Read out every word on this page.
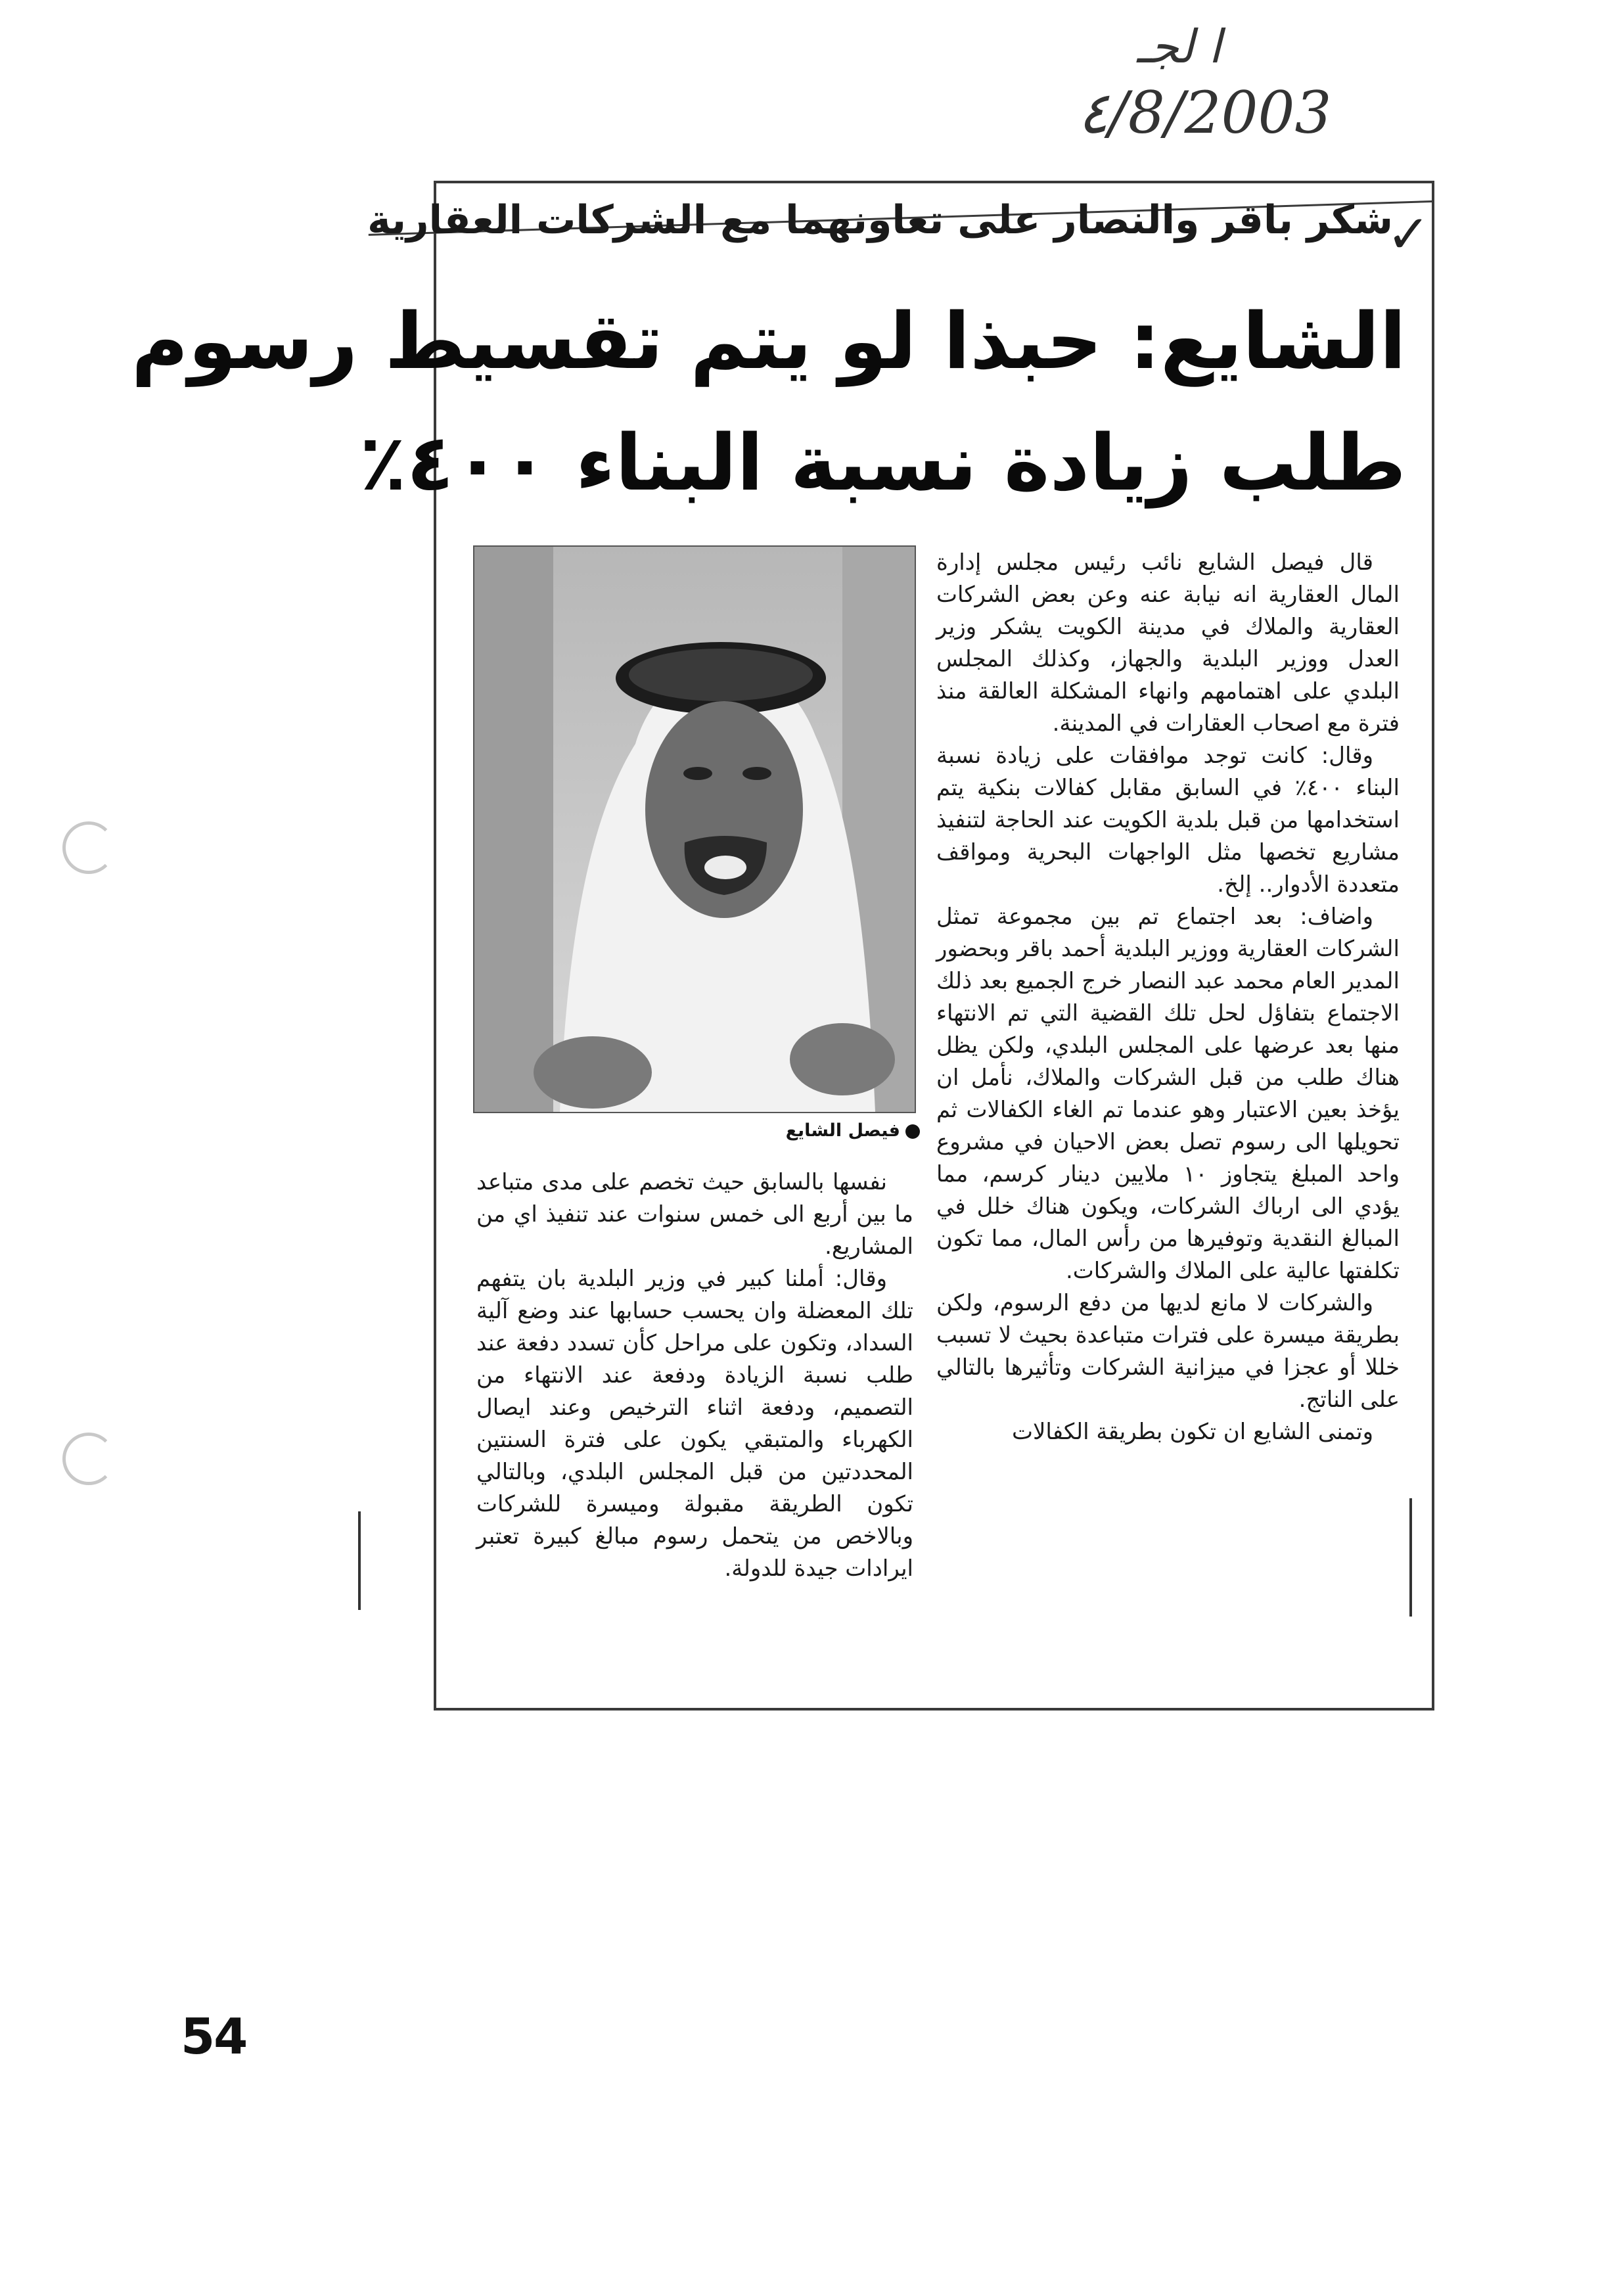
ا لجـ
٤/8/2003
✓
شكر باقر والنصار على تعاونهما مع الشركات العقارية
الشايع: حبذا لو يتم تقسيط رسوم
طلب زيادة نسبة البناء ٤٠٠٪
فيصل الشايع

قال فيصل الشايع نائب رئيس مجلس إدارة المال العقارية انه نيابة عنه وعن بعض الشركات العقارية والملاك في مدينة الكويت يشكر وزير العدل ووزير البلدية والجهاز، وكذلك المجلس البلدي على اهتمامهم وانهاء المشكلة العالقة منذ فترة مع اصحاب العقارات في المدينة.

وقال: كانت توجد موافقات على زيادة نسبة البناء ٤٠٠٪ في السابق مقابل كفالات بنكية يتم استخدامها من قبل بلدية الكويت عند الحاجة لتنفيذ مشاريع تخصها مثل الواجهات البحرية ومواقف متعددة الأدوار.. إلخ.

واضاف: بعد اجتماع تم بين مجموعة تمثل الشركات العقارية ووزير البلدية أحمد باقر وبحضور المدير العام محمد عبد النصار خرج الجميع بعد ذلك الاجتماع بتفاؤل لحل تلك القضية التي تم الانتهاء منها بعد عرضها على المجلس البلدي، ولكن يظل هناك طلب من قبل الشركات والملاك، نأمل ان يؤخذ بعين الاعتبار وهو عندما تم الغاء الكفالات ثم تحويلها الى رسوم تصل بعض الاحيان في مشروع واحد المبلغ يتجاوز ١٠ ملايين دينار كرسم، مما يؤدي الى ارباك الشركات، ويكون هناك خلل في المبالغ النقدية وتوفيرها من رأس المال، مما تكون تكلفتها عالية على الملاك والشركات.

والشركات لا مانع لديها من دفع الرسوم، ولكن بطريقة ميسرة على فترات متباعدة بحيث لا تسبب خللا أو عجزا في ميزانية الشركات وتأثيرها بالتالي على الناتج.

وتمنى الشايع ان تكون بطريقة الكفالات

نفسها بالسابق حيث تخصم على مدى متباعد ما بين أربع الى خمس سنوات عند تنفيذ اي من المشاريع.

وقال: أملنا كبير في وزير البلدية بان يتفهم تلك المعضلة وان يحسب حسابها عند وضع آلية السداد، وتكون على مراحل كأن تسدد دفعة عند طلب نسبة الزيادة ودفعة عند الانتهاء من التصميم، ودفعة اثناء الترخيص وعند ايصال الكهرباء والمتبقي يكون على فترة السنتين المحددتين من قبل المجلس البلدي، وبالتالي تكون الطريقة مقبولة وميسرة للشركات وبالاخص من يتحمل رسوم مبالغ كبيرة تعتبر ايرادات جيدة للدولة.

54
